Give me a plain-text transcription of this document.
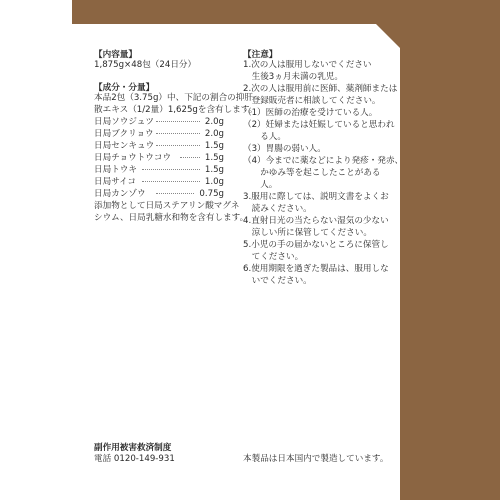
【内容量】
1,875g×48包（24日分）
【成分・分量】
本品2包（3.75g）中、下記の割合の抑肝
散エキス（1/2量）1,625gを含有します。
日局ソウジュツ	2.0g
日局ブクリョウ	2.0g
日局センキュウ	1.5g
日局チョウトウコウ	1.5g
日局トウキ	1.5g
日局サイコ	1.0g
日局カンゾウ	0.75g
添加物として日局ステアリン酸マグネ
シウム、日局乳糖水和物を含有します。
【注意】
1.次の人は服用しないでください
　生後3ヵ月未満の乳児。
2.次の人は服用前に医師、薬剤師または
　登録販売者に相談してください。
（1）医師の治療を受けている人。
（2）妊婦または妊娠していると思われ
　　る人。
（3）胃腸の弱い人。
（4）今までに薬などにより発疹・発赤、
　　かゆみ等を起こしたことがある
　　人。
3.服用に際しては、説明文書をよくお
　読みください。
4.直射日光の当たらない湿気の少ない
　涼しい所に保管してください。
5.小児の手の届かないところに保管し
　てください。
6.使用期限を過ぎた製品は、服用しな
　いでください。
副作用被害救済制度
電話 0120-149-931	本製品は日本国内で製造しています。
